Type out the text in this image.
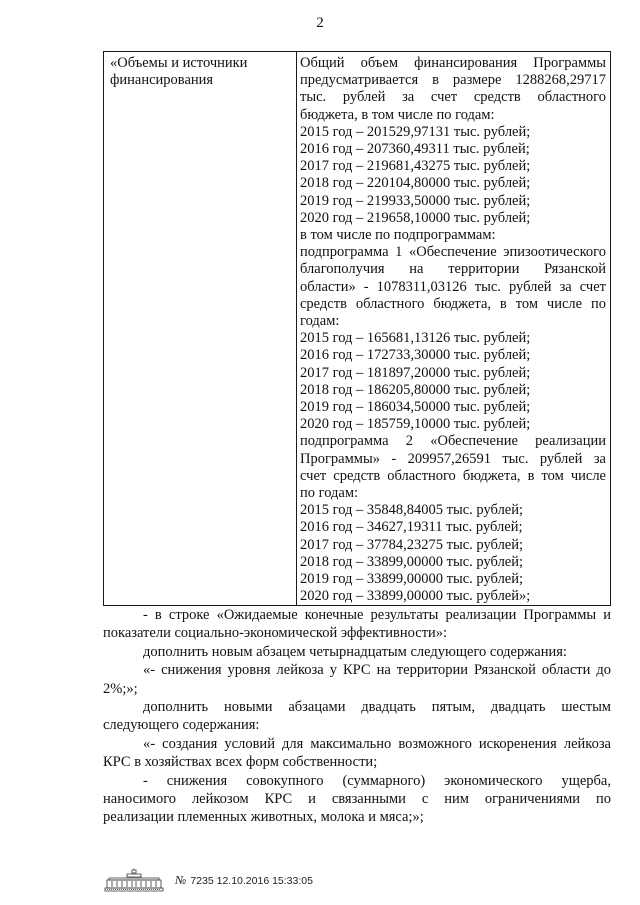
2
«Объемы и источники
финансирования
Общий объем финансирования Программы
предусматривается в размере 1288268,29717
тыс. рублей за счет средств областного
бюджета, в том числе по годам:
2015 год – 201529,97131 тыс. рублей;
2016 год – 207360,49311 тыс. рублей;
2017 год – 219681,43275 тыс. рублей;
2018 год – 220104,80000 тыс. рублей;
2019 год – 219933,50000 тыс. рублей;
2020 год – 219658,10000 тыс. рублей;
в том числе по подпрограммам:
подпрограмма 1 «Обеспечение эпизоотического
благополучия на территории Рязанской
области» - 1078311,03126 тыс. рублей за счет
средств областного бюджета, в том числе по
годам:
2015 год – 165681,13126 тыс. рублей;
2016 год – 172733,30000 тыс. рублей;
2017 год – 181897,20000 тыс. рублей;
2018 год – 186205,80000 тыс. рублей;
2019 год – 186034,50000 тыс. рублей;
2020 год – 185759,10000 тыс. рублей;
подпрограмма 2 «Обеспечение реализации
Программы» - 209957,26591 тыс. рублей за
счет средств областного бюджета, в том числе
по годам:
2015 год – 35848,84005 тыс. рублей;
2016 год – 34627,19311 тыс. рублей;
2017 год – 37784,23275 тыс. рублей;
2018 год – 33899,00000 тыс. рублей;
2019 год – 33899,00000 тыс. рублей;
2020 год – 33899,00000 тыс. рублей»;
- в строке «Ожидаемые конечные результаты реализации Программы и
показатели социально-экономической эффективности»:
дополнить новым абзацем четырнадцатым следующего содержания:
«- снижения уровня лейкоза у КРС на территории Рязанской области до
2%;»;
дополнить новыми абзацами двадцать пятым, двадцать шестым
следующего содержания:
«- создания условий для максимально возможного искоренения лейкоза
КРС в хозяйствах всех форм собственности;
- снижения совокупного (суммарного) экономического ущерба,
наносимого лейкозом КРС и связанными с ним ограничениями по
реализации племенных животных, молока и мяса;»;
№ 7235 12.10.2016 15:33:05
